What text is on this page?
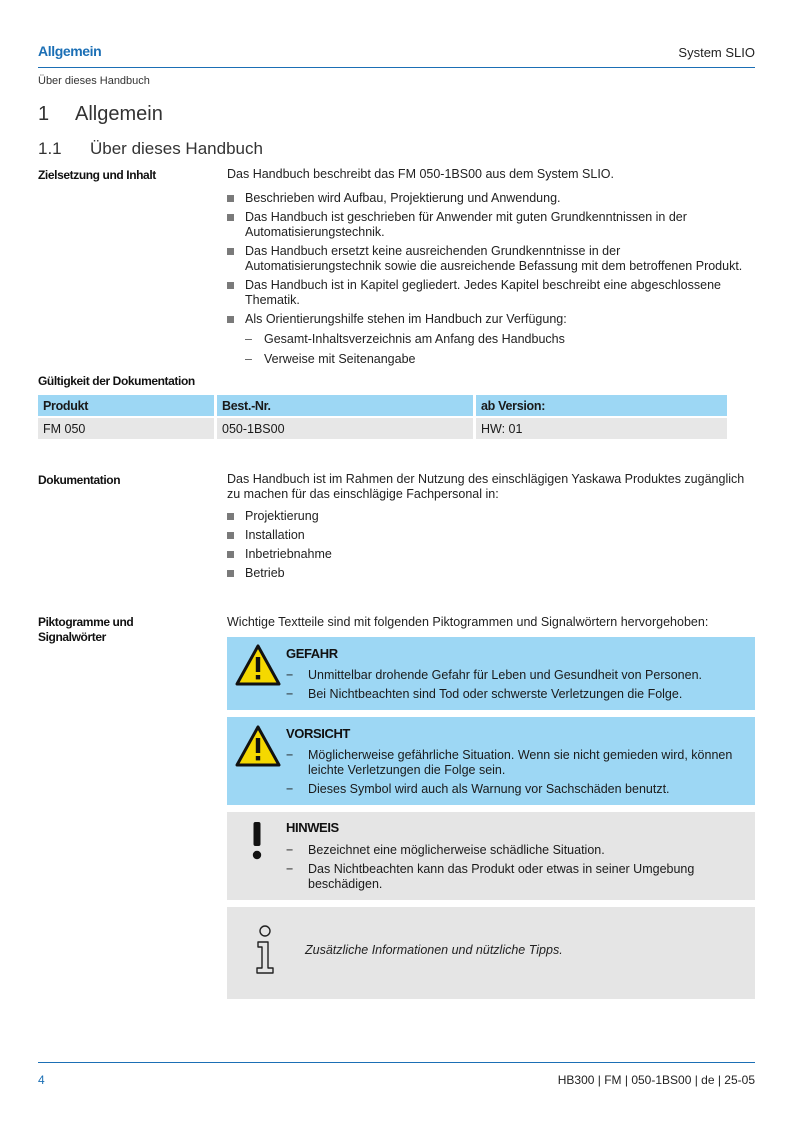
Allgemein	System SLIO
Über dieses Handbuch
1 Allgemein
1.1 Über dieses Handbuch
Zielsetzung und Inhalt	Das Handbuch beschreibt das FM 050-1BS00 aus dem System SLIO.
Beschrieben wird Aufbau, Projektierung und Anwendung.
Das Handbuch ist geschrieben für Anwender mit guten Grundkenntnissen in der Automatisierungstechnik.
Das Handbuch ersetzt keine ausreichenden Grundkenntnisse in der Automatisierungstechnik sowie die ausreichende Befassung mit dem betroffenen Produkt.
Das Handbuch ist in Kapitel gegliedert. Jedes Kapitel beschreibt eine abgeschlossene Thematik.
Als Orientierungshilfe stehen im Handbuch zur Verfügung:
– Gesamt-Inhaltsverzeichnis am Anfang des Handbuchs
– Verweise mit Seitenangabe
Gültigkeit der Dokumentation
Produkt	Best.-Nr.	ab Version:
FM 050	050-1BS00	HW: 01
Dokumentation	Das Handbuch ist im Rahmen der Nutzung des einschlägigen Yaskawa Produktes zugänglich zu machen für das einschlägige Fachpersonal in:
Projektierung
Installation
Inbetriebnahme
Betrieb
Piktogramme und Signalwörter
Wichtige Textteile sind mit folgenden Piktogrammen und Signalwörtern hervorgehoben:
GEFAHR
− Unmittelbar drohende Gefahr für Leben und Gesundheit von Personen.
− Bei Nichtbeachten sind Tod oder schwerste Verletzungen die Folge.
VORSICHT
− Möglicherweise gefährliche Situation. Wenn sie nicht gemieden wird, können leichte Verletzungen die Folge sein.
− Dieses Symbol wird auch als Warnung vor Sachschäden benutzt.
HINWEIS
− Bezeichnet eine möglicherweise schädliche Situation.
− Das Nichtbeachten kann das Produkt oder etwas in seiner Umgebung beschädigen.
Zusätzliche Informationen und nützliche Tipps.
4	HB300 | FM | 050-1BS00 | de | 25-05
